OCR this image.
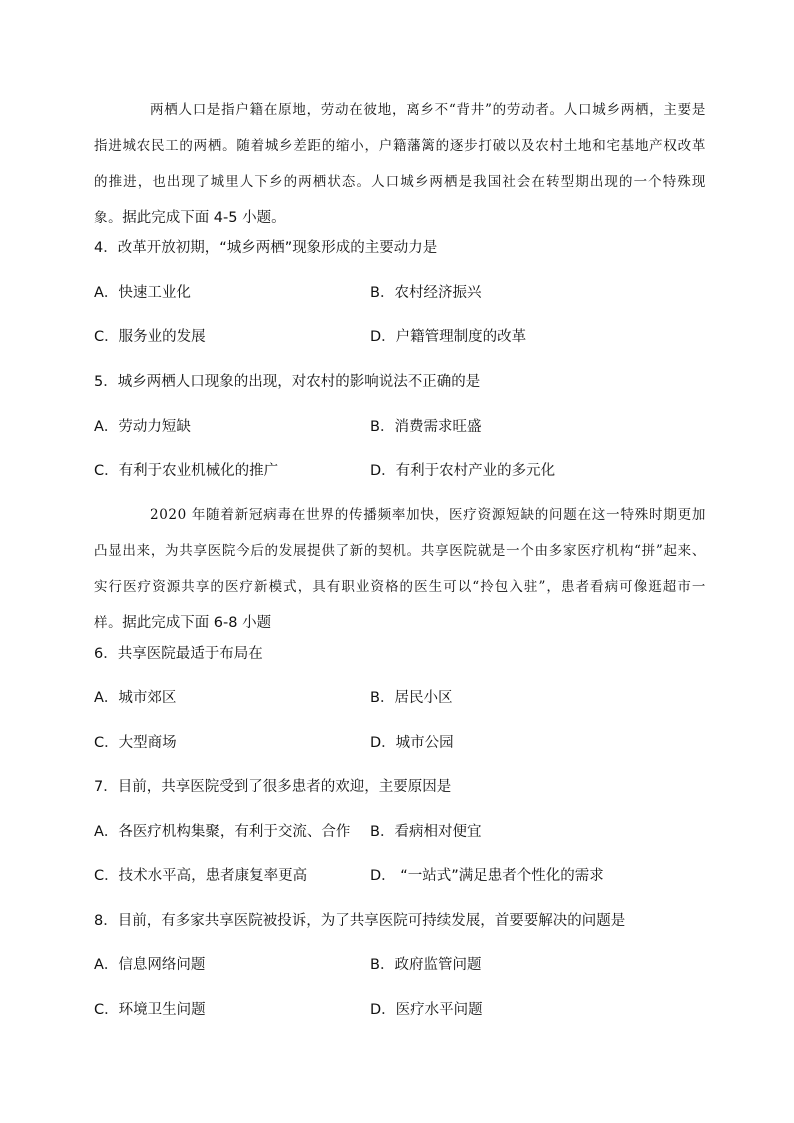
两栖人口是指户籍在原地，劳动在彼地，离乡不“背井”的劳动者。人口城乡两栖，主要是指进城农民工的两栖。随着城乡差距的缩小，户籍藩篱的逐步打破以及农村土地和宅基地产权改革的推进，也出现了城里人下乡的两栖状态。人口城乡两栖是我国社会在转型期出现的一个特殊现象。据此完成下面 4-5 小题。

4．改革开放初期，“城乡两栖”现象形成的主要动力是
A．快速工业化	B．农村经济振兴
C．服务业的发展	D．户籍管理制度的改革
5．城乡两栖人口现象的出现，对农村的影响说法不正确的是
A．劳动力短缺	B．消费需求旺盛
C．有利于农业机械化的推广	D．有利于农村产业的多元化

2020 年随着新冠病毒在世界的传播频率加快，医疗资源短缺的问题在这一特殊时期更加凸显出来，为共享医院今后的发展提供了新的契机。共享医院就是一个由多家医疗机构“拼”起来、实行医疗资源共享的医疗新模式，具有职业资格的医生可以“拎包入驻”，患者看病可像逛超市一样。据此完成下面 6-8 小题

6．共享医院最适于布局在
A．城市郊区	B．居民小区
C．大型商场	D．城市公园
7．目前，共享医院受到了很多患者的欢迎，主要原因是
A．各医疗机构集聚，有利于交流、合作 B．看病相对便宜
C．技术水平高，患者康复率更高	D． “一站式”满足患者个性化的需求
8．目前，有多家共享医院被投诉，为了共享医院可持续发展，首要要解决的问题是
A．信息网络问题	B．政府监管问题
C．环境卫生问题	D．医疗水平问题
